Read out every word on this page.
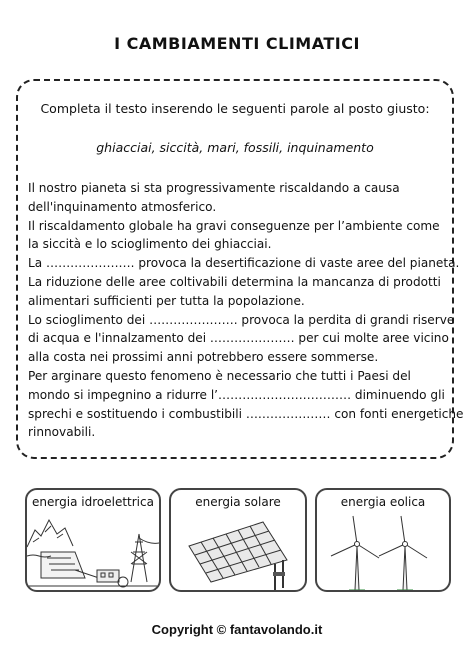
I CAMBIAMENTI CLIMATICI
Completa il testo inserendo le seguenti parole al posto giusto:
ghiacciai, siccità, mari, fossili, inquinamento

Il nostro pianeta si sta progressivamente riscaldando a causa
dell'inquinamento atmosferico.
Il riscaldamento globale ha gravi conseguenze per l’ambiente come
la siccità e lo scioglimento dei ghiacciai.
La …………………. provoca la desertificazione di vaste aree del pianeta.
La riduzione delle aree coltivabili determina la mancanza di prodotti
alimentari sufficienti per tutta la popolazione.
Lo scioglimento dei …………………. provoca la perdita di grandi riserve
di acqua e l'innalzamento dei ………………… per cui molte aree vicino
alla costa nei prossimi anni potrebbero essere sommerse.
Per arginare questo fenomeno è necessario che tutti i Paesi del
mondo si impegnino a ridurre l’…………………………… diminuendo gli
sprechi e sostituendo i combustibili ………………… con fonti energetiche
rinnovabili.

energia idroelettrica	energia solare	energia eolica
Copyright © fantavolando.it
